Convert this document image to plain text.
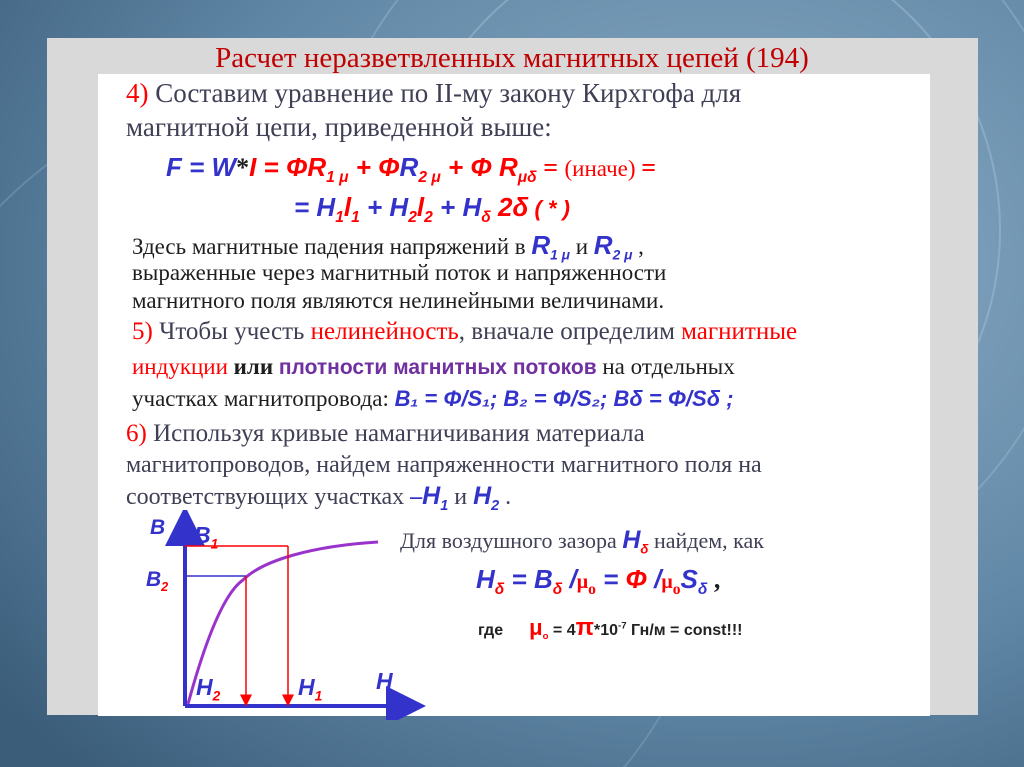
Расчет неразветвленных магнитных цепей (194)
4) Составим уравнение по II-му закону Кирхгофа для
магнитной цепи, приведенной выше:
$F = W*I = \Phi R_{1 \mu} + \Phi R_{2 \mu} + \Phi$ $R_{\mu\delta}$ = (иначе) =
= $H_1l_1 + H_2l_2 + H_\delta$ 2δ ( * )
Здесь магнитные падения напряжений в $R_{1 \mu}$ и $R_{2 \mu}$ ,
выраженные через магнитный поток и напряженности
магнитного поля являются нелинейными величинами.
5) Чтобы учесть нелинейность, вначале определим магнитные
индукции или плотности магнитных потоков на отдельных
участках магнитопровода: B₁ = Φ/S₁; B₂ = Φ/S₂; Bδ = Φ/Sδ ;
6) Используя кривые намагничивания материала
магнитопроводов, найдем напряженности магнитного поля на
соответствующих участках $-H_1$ и $H_2$ .
Для воздушного зазора $H_\delta$ найдем, как
$H_\delta = B_\delta$ $/\mu_o = \Phi$ $/\mu_oS_\delta$ ,
где $\mu_o = 4\pi*10^{-7}$ Гн/м = const!!!
B
H
$B_1$
$B_2$
$H_2$	$H_1$
